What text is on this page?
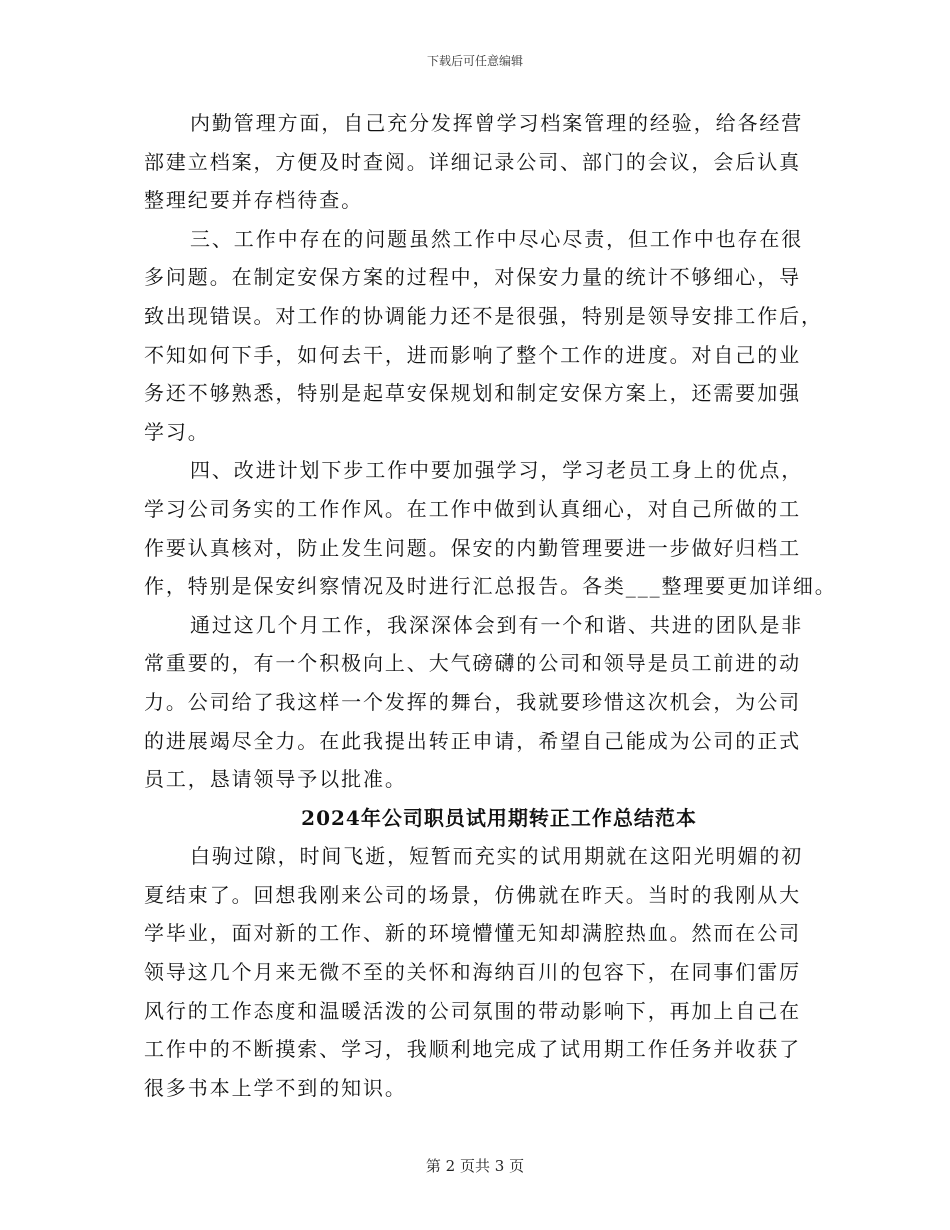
下载后可任意编辑

内勤管理方面，自己充分发挥曾学习档案管理的经验，给各经营
部建立档案，方便及时查阅。详细记录公司、部门的会议，会后认真
整理纪要并存档待查。

三、工作中存在的问题虽然工作中尽心尽责，但工作中也存在很
多问题。在制定安保方案的过程中，对保安力量的统计不够细心，导
致出现错误。对工作的协调能力还不是很强，特别是领导安排工作后，
不知如何下手，如何去干，进而影响了整个工作的进度。对自己的业
务还不够熟悉，特别是起草安保规划和制定安保方案上，还需要加强
学习。

四、改进计划下步工作中要加强学习，学习老员工身上的优点，
学习公司务实的工作作风。在工作中做到认真细心，对自己所做的工
作要认真核对，防止发生问题。保安的内勤管理要进一步做好归档工
作，特别是保安纠察情况及时进行汇总报告。各类___整理要更加详细。

通过这几个月工作，我深深体会到有一个和谐、共进的团队是非
常重要的，有一个积极向上、大气磅礴的公司和领导是员工前进的动
力。公司给了我这样一个发挥的舞台，我就要珍惜这次机会，为公司
的进展竭尽全力。在此我提出转正申请，希望自己能成为公司的正式
员工，恳请领导予以批准。

2024年公司职员试用期转正工作总结范本

白驹过隙，时间飞逝，短暂而充实的试用期就在这阳光明媚的初
夏结束了。回想我刚来公司的场景，仿佛就在昨天。当时的我刚从大
学毕业，面对新的工作、新的环境懵懂无知却满腔热血。然而在公司
领导这几个月来无微不至的关怀和海纳百川的包容下，在同事们雷厉
风行的工作态度和温暖活泼的公司氛围的带动影响下，再加上自己在
工作中的不断摸索、学习，我顺利地完成了试用期工作任务并收获了
很多书本上学不到的知识。

第 2 页共 3 页
